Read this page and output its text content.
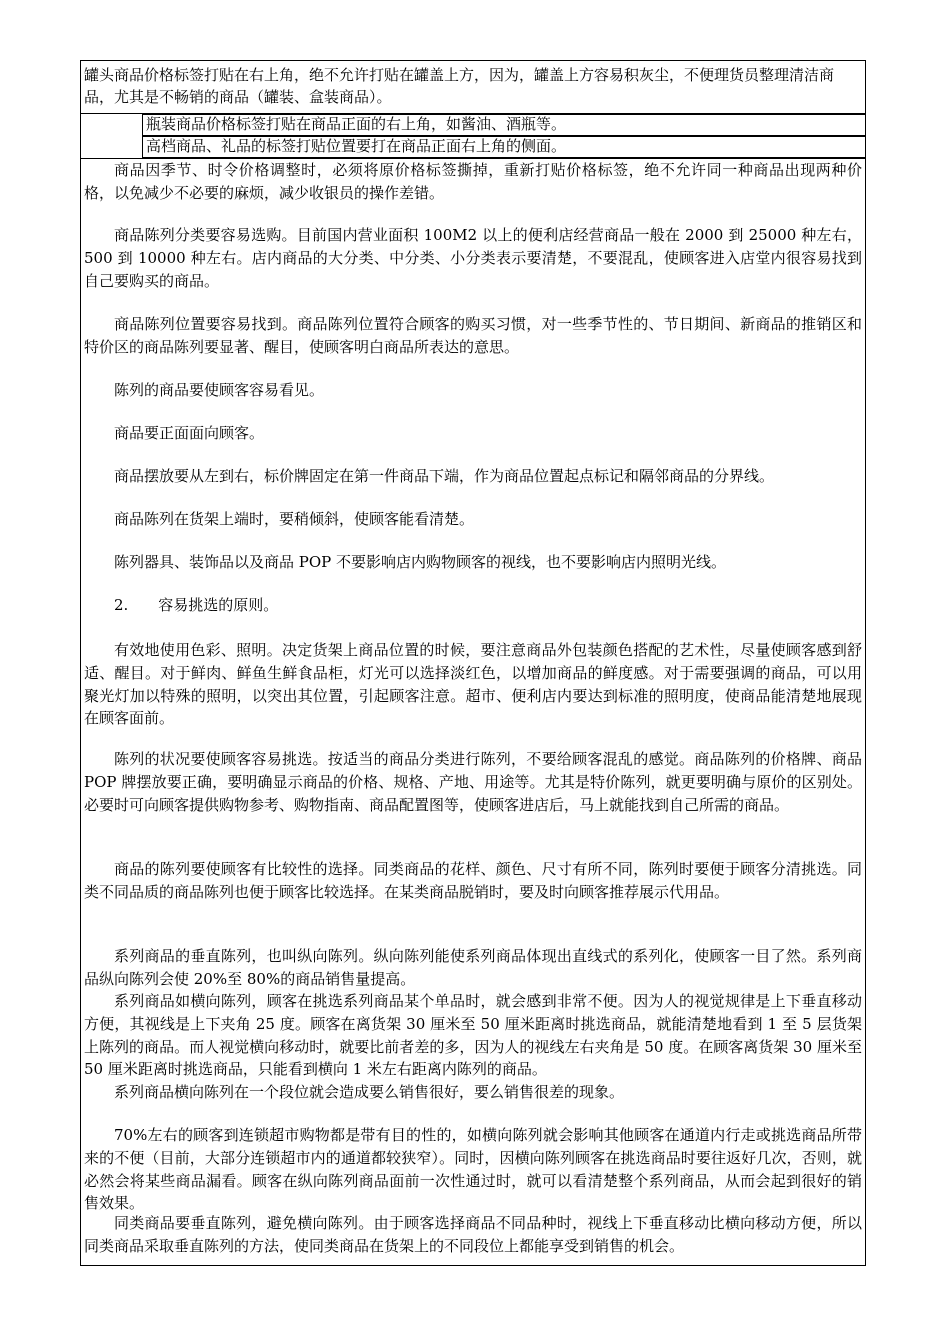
罐头商品价格标签打贴在右上角，绝不允许打贴在罐盖上方，因为，罐盖上方容易积灰尘，不便理货员整理清洁商品，尤其是不畅销的商品（罐装、盒装商品）。

瓶装商品价格标签打贴在商品正面的右上角，如酱油、酒瓶等。

高档商品、礼品的标签打贴位置要打在商品正面右上角的侧面。

商品因季节、时令价格调整时，必须将原价格标签撕掉，重新打贴价格标签，绝不允许同一种商品出现两种价格，以免减少不必要的麻烦，减少收银员的操作差错。

商品陈列分类要容易选购。目前国内营业面积 100M2 以上的便利店经营商品一般在 2000 到 25000 种左右，500 到 10000 种左右。店内商品的大分类、中分类、小分类表示要清楚，不要混乱，使顾客进入店堂内很容易找到自己要购买的商品。

商品陈列位置要容易找到。商品陈列位置符合顾客的购买习惯，对一些季节性的、节日期间、新商品的推销区和特价区的商品陈列要显著、醒目，使顾客明白商品所表达的意思。

陈列的商品要使顾客容易看见。

商品要正面面向顾客。

商品摆放要从左到右，标价牌固定在第一件商品下端，作为商品位置起点标记和隔邻商品的分界线。

商品陈列在货架上端时，要稍倾斜，使顾客能看清楚。

陈列器具、装饰品以及商品 POP 不要影响店内购物顾客的视线，也不要影响店内照明光线。

2.　　容易挑选的原则。

有效地使用色彩、照明。决定货架上商品位置的时候，要注意商品外包装颜色搭配的艺术性，尽量使顾客感到舒适、醒目。对于鲜肉、鲜鱼生鲜食品柜，灯光可以选择淡红色，以增加商品的鲜度感。对于需要强调的商品，可以用聚光灯加以特殊的照明，以突出其位置，引起顾客注意。超市、便利店内要达到标准的照明度，使商品能清楚地展现在顾客面前。

陈列的状况要使顾客容易挑选。按适当的商品分类进行陈列，不要给顾客混乱的感觉。商品陈列的价格牌、商品 POP 牌摆放要正确，要明确显示商品的价格、规格、产地、用途等。尤其是特价陈列，就更要明确与原价的区别处。必要时可向顾客提供购物参考、购物指南、商品配置图等，使顾客进店后，马上就能找到自己所需的商品。

商品的陈列要使顾客有比较性的选择。同类商品的花样、颜色、尺寸有所不同，陈列时要便于顾客分清挑选。同类不同品质的商品陈列也便于顾客比较选择。在某类商品脱销时，要及时向顾客推荐展示代用品。

系列商品的垂直陈列，也叫纵向陈列。纵向陈列能使系列商品体现出直线式的系列化，使顾客一目了然。系列商品纵向陈列会使 20%至 80%的商品销售量提高。

系列商品如横向陈列，顾客在挑选系列商品某个单品时，就会感到非常不便。因为人的视觉规律是上下垂直移动方便，其视线是上下夹角 25 度。顾客在离货架 30 厘米至 50 厘米距离时挑选商品，就能清楚地看到 1 至 5 层货架上陈列的商品。而人视觉横向移动时，就要比前者差的多，因为人的视线左右夹角是 50 度。在顾客离货架 30 厘米至 50 厘米距离时挑选商品，只能看到横向 1 米左右距离内陈列的商品。

系列商品横向陈列在一个段位就会造成要么销售很好，要么销售很差的现象。

70%左右的顾客到连锁超市购物都是带有目的性的，如横向陈列就会影响其他顾客在通道内行走或挑选商品所带来的不便（目前，大部分连锁超市内的通道都较狭窄）。同时，因横向陈列顾客在挑选商品时要往返好几次，否则，就必然会将某些商品漏看。顾客在纵向陈列商品面前一次性通过时，就可以看清楚整个系列商品，从而会起到很好的销售效果。

同类商品要垂直陈列，避免横向陈列。由于顾客选择商品不同品种时，视线上下垂直移动比横向移动方便，所以同类商品采取垂直陈列的方法，使同类商品在货架上的不同段位上都能享受到销售的机会。
